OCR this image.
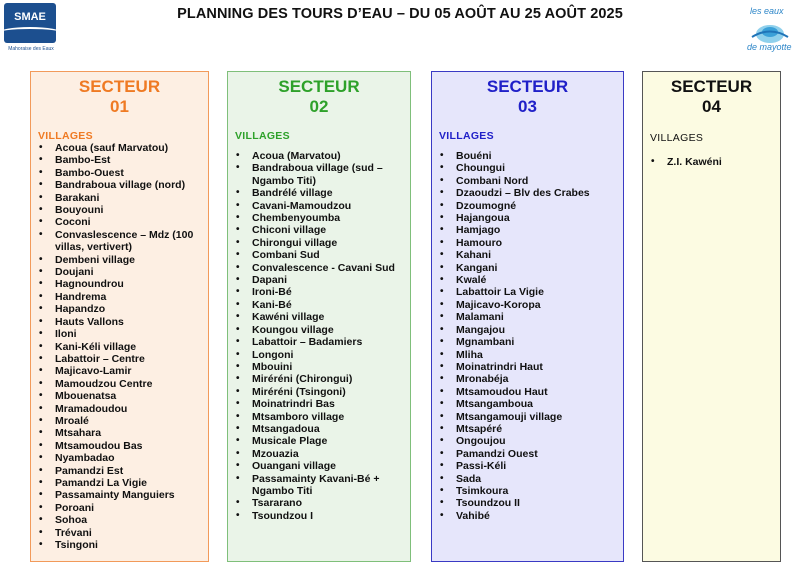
SMAE
Mahoraise des Eaux
PLANNING DES TOURS D’EAU – DU 05 AOÛT AU 25 AOÛT 2025	les eaux
de mayotte
SECTEUR
01
VILLAGES
• Acoua (sauf Marvatou)
• Bambo-Est
• Bambo-Ouest
• Bandraboua village (nord)
• Barakani
• Bouyouni
• Coconi
• Convaslescence – Mdz (100 villas, vertivert)
• Dembeni village
• Doujani
• Hagnoundrou
• Handrema
• Hapandzo
• Hauts Vallons
• Iloni
• Kani-Kéli village
• Labattoir – Centre
• Majicavo-Lamir
• Mamoudzou Centre
• Mbouenatsa
• Mramadoudou
• Mroalé
• Mtsahara
• Mtsamoudou Bas
• Nyambadao
• Pamandzi Est
• Pamandzi La Vigie
• Passamainty Manguiers
• Poroani
• Sohoa
• Trévani
• Tsingoni
SECTEUR
02
VILLAGES
• Acoua (Marvatou)
• Bandraboua village (sud – Ngambo Titi)
• Bandrélé village
• Cavani-Mamoudzou
• Chembenyoumba
• Chiconi village
• Chirongui village
• Combani Sud
• Convalescence - Cavani Sud
• Dapani
• Ironi-Bé
• Kani-Bé
• Kawéni village
• Koungou village
• Labattoir – Badamiers
• Longoni
• Mbouini
• Miréréni (Chirongui)
• Miréréni (Tsingoni)
• Moinatrindri Bas
• Mtsamboro village
• Mtsangadoua
• Musicale Plage
• Mzouazia
• Ouangani village
• Passamainty Kavani-Bé + Ngambo Titi
• Tsararano
• Tsoundzou I
SECTEUR
03
VILLAGES
• Bouéni
• Choungui
• Combani Nord
• Dzaoudzi – Blv des Crabes
• Dzoumogné
• Hajangoua
• Hamjago
• Hamouro
• Kahani
• Kangani
• Kwalé
• Labattoir La Vigie
• Majicavo-Koropa
• Malamani
• Mangajou
• Mgnambani
• Mliha
• Moinatrindri Haut
• Mronabéja
• Mtsamoudou Haut
• Mtsangamboua
• Mtsangamouji village
• Mtsapéré
• Ongoujou
• Pamandzi Ouest
• Passi-Kéli
• Sada
• Tsimkoura
• Tsoundzou II
• Vahibé
SECTEUR
04
VILLAGES
• Z.I. Kawéni
